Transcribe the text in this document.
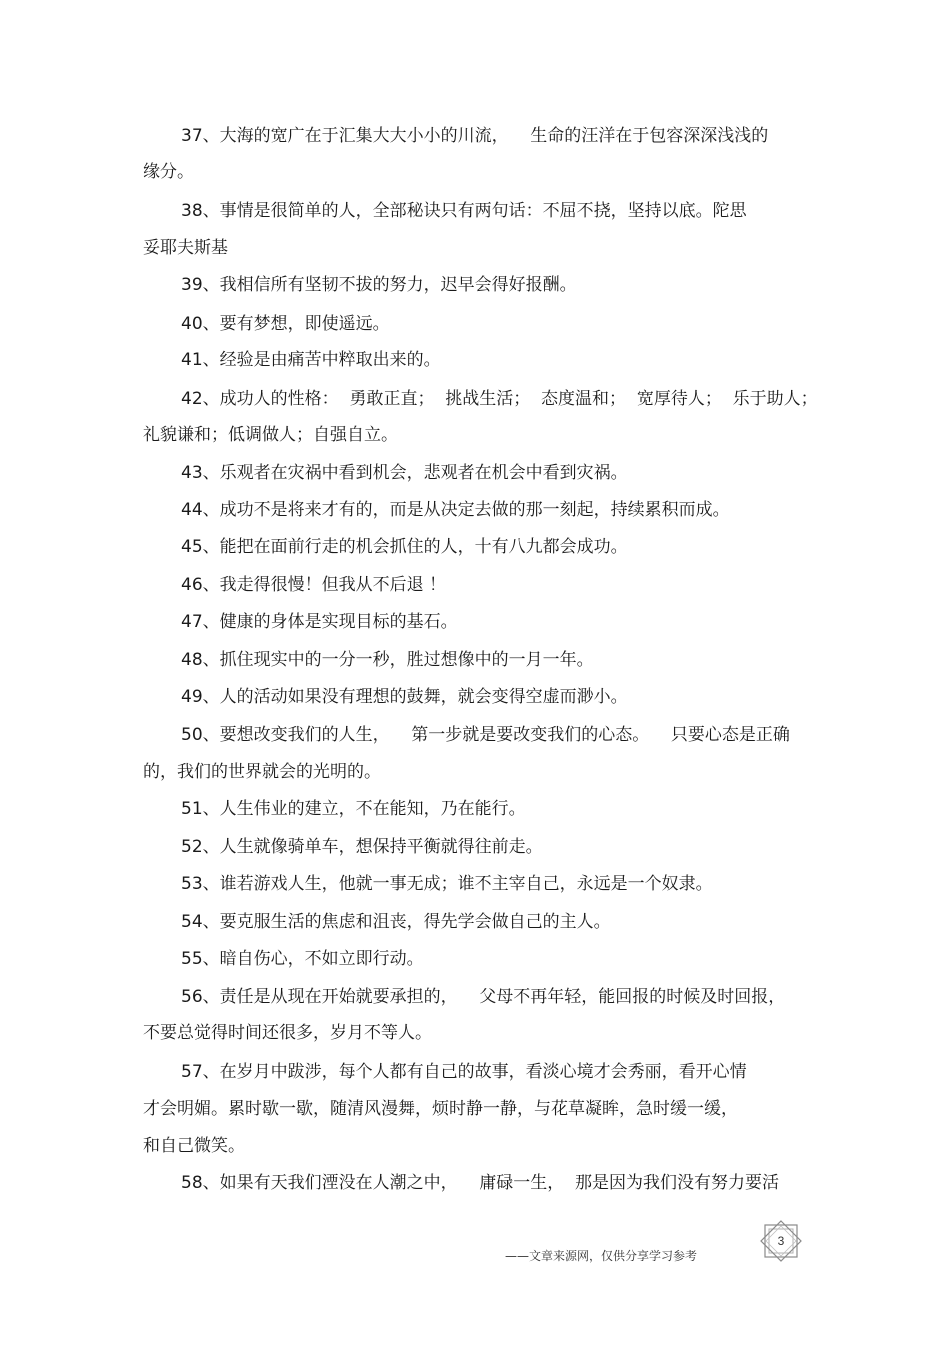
37、大海的宽广在于汇集大大小小的川流，    生命的汪洋在于包容深深浅浅的
缘分。
38、事情是很简单的人，全部秘诀只有两句话：不屈不挠，坚持以底。陀思
妥耶夫斯基
39、我相信所有坚韧不拔的努力，迟早会得好报酬。
40、要有梦想，即使遥远。
41、经验是由痛苦中粹取出来的。
42、成功人的性格：  勇敢正直；  挑战生活；  态度温和；  宽厚待人；  乐于助人；
礼貌谦和；低调做人；自强自立。
43、乐观者在灾祸中看到机会，悲观者在机会中看到灾祸。
44、成功不是将来才有的，而是从决定去做的那一刻起，持续累积而成。
45、能把在面前行走的机会抓住的人，十有八九都会成功。
46、我走得很慢！但我从不后退 ！
47、健康的身体是实现目标的基石。
48、抓住现实中的一分一秒，胜过想像中的一月一年。
49、人的活动如果没有理想的鼓舞，就会变得空虚而渺小。
50、要想改变我们的人生，    第一步就是要改变我们的心态。    只要心态是正确
的，我们的世界就会的光明的。
51、人生伟业的建立，不在能知，乃在能行。
52、人生就像骑单车，想保持平衡就得往前走。
53、谁若游戏人生，他就一事无成；谁不主宰自己，永远是一个奴隶。
54、要克服生活的焦虑和沮丧，得先学会做自己的主人。
55、暗自伤心，不如立即行动。
56、责任是从现在开始就要承担的，    父母不再年轻，能回报的时候及时回报，
不要总觉得时间还很多，岁月不等人。
57、在岁月中跋涉，每个人都有自己的故事，看淡心境才会秀丽，看开心情
才会明媚。累时歇一歇，随清风漫舞，烦时静一静，与花草凝眸，急时缓一缓，
和自己微笑。
58、如果有天我们湮没在人潮之中，    庸碌一生，  那是因为我们没有努力要活
3
——文章来源网，仅供分享学习参考
